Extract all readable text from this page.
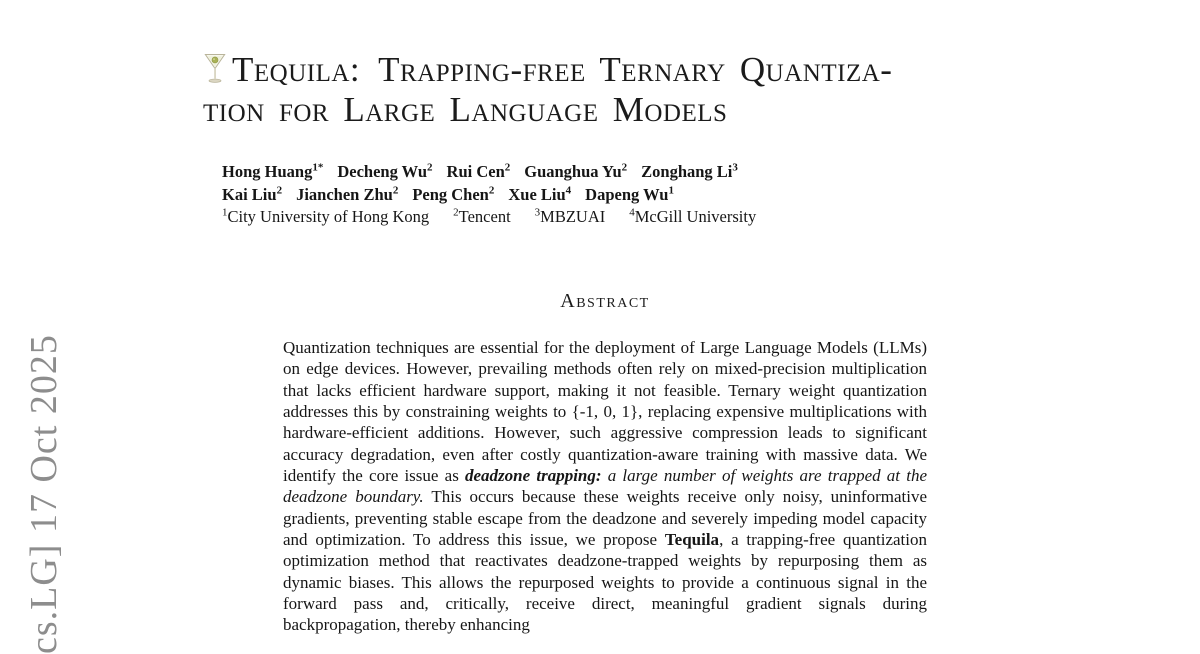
cs.LG] 17 Oct 2025
Tequila: Trapping-free Ternary Quantiza-
tion for Large Language Models
Hong Huang$^{1*}$ Decheng Wu$^2$ Rui Cen$^2$ Guanghua Yu$^2$ Zonghang Li$^3$
Kai Liu$^2$ Jianchen Zhu$^2$ Peng Chen$^2$ Xue Liu$^4$ Dapeng Wu$^1$
$^1$City University of Hong Kong $^2$Tencent $^3$MBZUAI $^4$McGill University
Abstract
Quantization techniques are essential for the deployment of Large Language Models (LLMs) on edge devices. However, prevailing methods often rely on mixed-precision multiplication that lacks efficient hardware support, making it not feasible. Ternary weight quantization addresses this by constraining weights to {-1, 0, 1}, replacing expensive multiplications with hardware-efficient additions. However, such aggressive compression leads to significant accuracy degradation, even after costly quantization-aware training with massive data. We identify the core issue as deadzone trapping: a large number of weights are trapped at the deadzone boundary. This occurs because these weights receive only noisy, uninformative gradients, preventing stable escape from the deadzone and severely impeding model capacity and optimization. To address this issue, we propose Tequila, a trapping-free quantization optimization method that reactivates deadzone-trapped weights by repurposing them as dynamic biases. This allows the repurposed weights to provide a continuous signal in the forward pass and, critically, receive direct, meaningful gradient signals during backpropagation, thereby enhancing
